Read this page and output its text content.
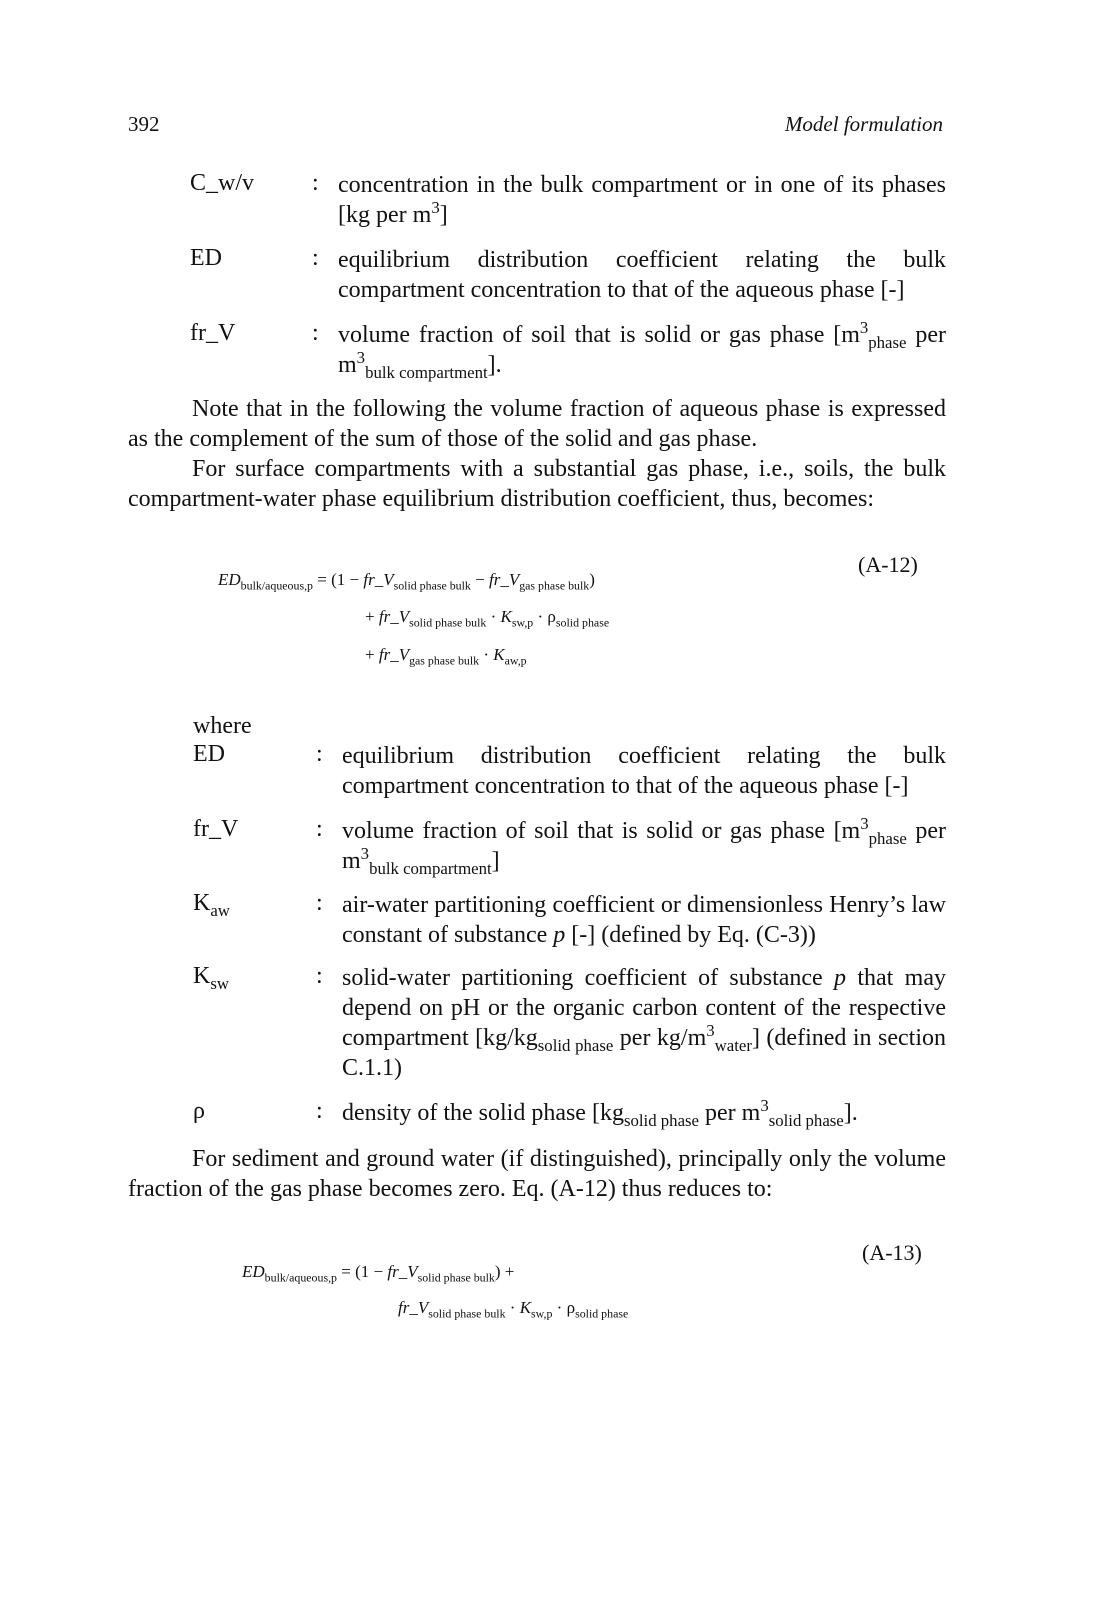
392	Model formulation
C_w/v : concentration in the bulk compartment or in one of its phases [kg per $m^3$]
ED	: equilibrium distribution coefficient relating the bulk compartment concentration to that of the aqueous phase [-]
fr_V	: volume fraction of soil that is solid or gas phase [$m^3_{phase}$ per $m^3_{bulk compartment}$].

Note that in the following the volume fraction of aqueous phase is expressed as the complement of the sum of those of the solid and gas phase.

For surface compartments with a substantial gas phase, i.e., soils, the bulk compartment-water phase equilibrium distribution coefficient, thus, becomes:

$ED_{bulk/aqueous,p} = (1$ − $fr\_V_{solid phase bulk}$ − $fr\_V_{gas phase bulk}$)
+ $fr\_V_{solid phase bulk} \cdot K_{sw,p} \cdot \rho_{solid phase}$
+ $fr\_V_{gas phase bulk} \cdot K_{aw,p}$
(A-12)
where
ED	: equilibrium distribution coefficient relating the bulk compartment concentration to that of the aqueous phase [-]
fr_V	: volume fraction of soil that is solid or gas phase [$m^3_{phase}$ per $m^3_{bulk compartment}$]
$K_{aw}$	: air-water partitioning coefficient or dimensionless Henry’s law constant of substance p [-] (defined by Eq. (C-3))
$K_{sw}$	: solid-water partitioning coefficient of substance p that may depend on pH or the organic carbon content of the respective compartment [$kg/kg_{solid phase}$ per $kg/m^3_{water}$] (defined in section C.1.1)
ρ	: density of the solid phase [$kg_{solid phase}$ per $m^3_{solid phase}$].

For sediment and ground water (if distinguished), principally only the volume fraction of the gas phase becomes zero. Eq. (A-12) thus reduces to:

$ED_{bulk/aqueous,p} = (1$ − $fr\_V_{solid phase bulk}$) +
$fr\_V_{solid phase bulk} \cdot K_{sw,p} \cdot \rho_{solid phase}$
(A-13)
